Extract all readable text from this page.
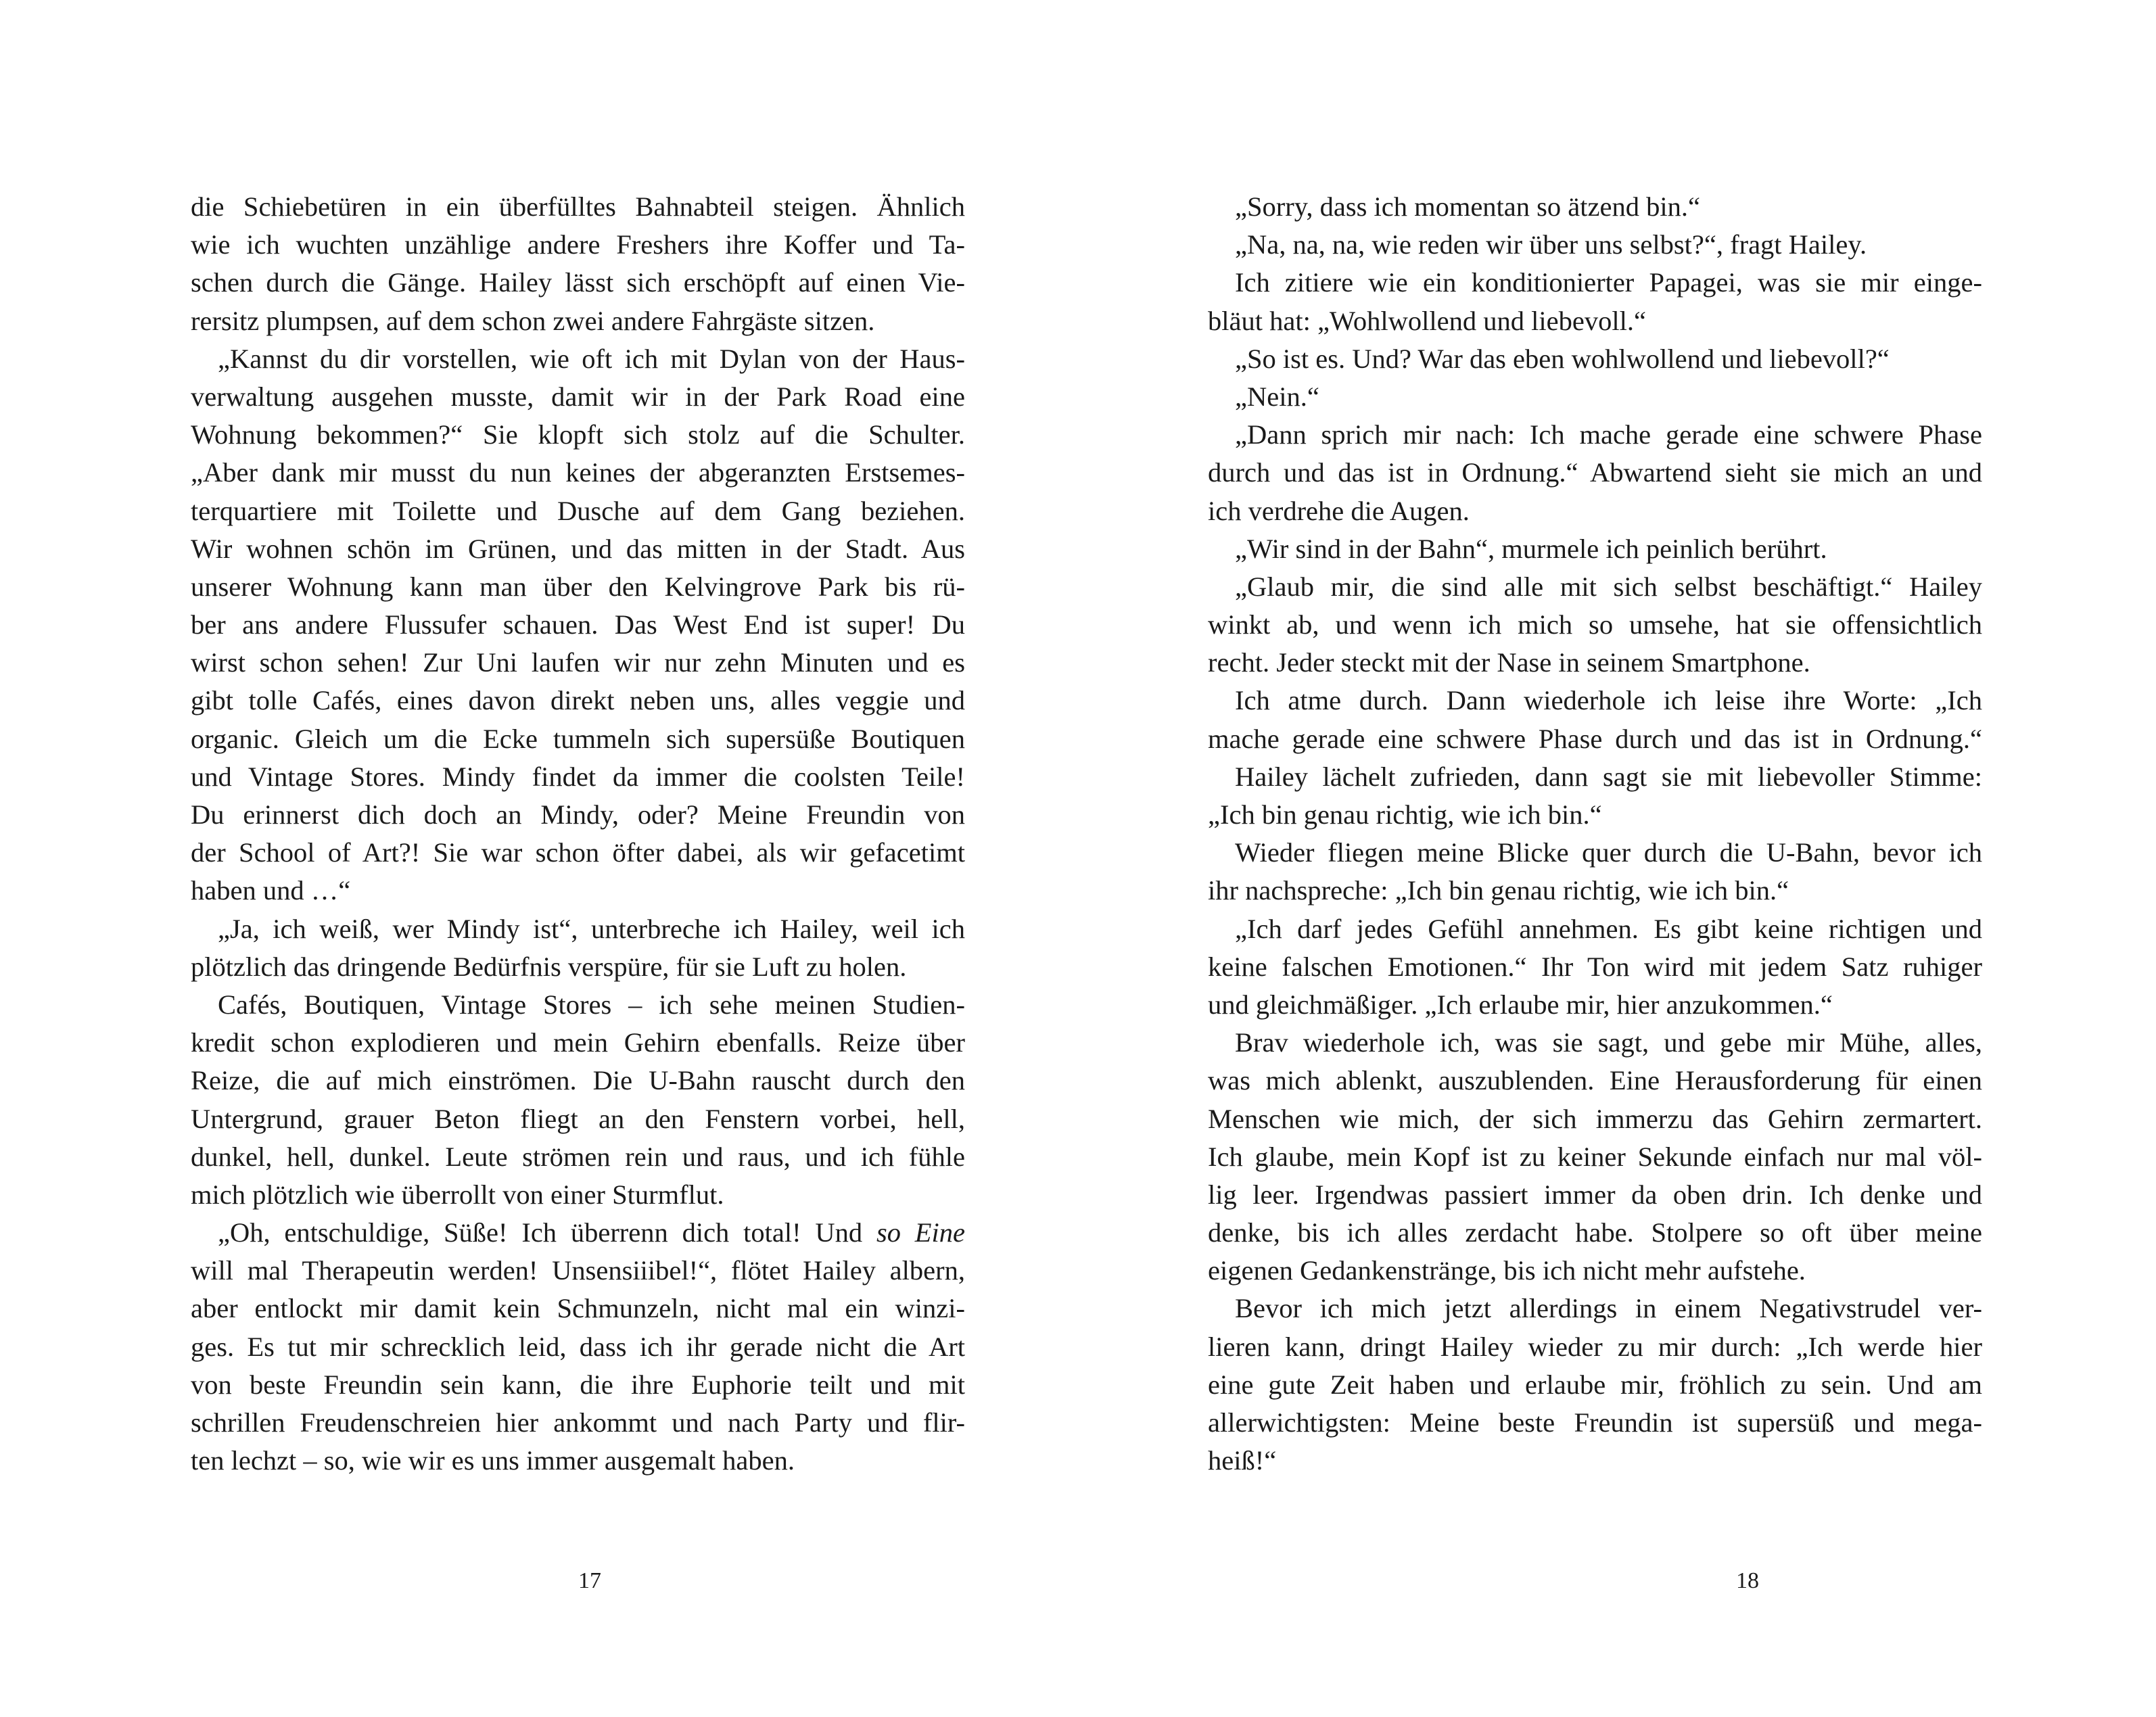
die Schiebetüren in ein überfülltes Bahnabteil steigen. Ähnlich
wie ich wuchten unzählige andere Freshers ihre Koffer und Ta-
schen durch die Gänge. Hailey lässt sich erschöpft auf einen Vie-
rersitz plumpsen, auf dem schon zwei andere Fahrgäste sitzen.
„Kannst du dir vorstellen, wie oft ich mit Dylan von der Haus-
verwaltung ausgehen musste, damit wir in der Park Road eine
Wohnung bekommen?“ Sie klopft sich stolz auf die Schulter.
„Aber dank mir musst du nun keines der abgeranzten Erstsemes-
terquartiere mit Toilette und Dusche auf dem Gang beziehen.
Wir wohnen schön im Grünen, und das mitten in der Stadt. Aus
unserer Wohnung kann man über den Kelvingrove Park bis rü-
ber ans andere Flussufer schauen. Das West End ist super! Du
wirst schon sehen! Zur Uni laufen wir nur zehn Minuten und es
gibt tolle Cafés, eines davon direkt neben uns, alles veggie und
organic. Gleich um die Ecke tummeln sich supersüße Boutiquen
und Vintage Stores. Mindy findet da immer die coolsten Teile!
Du erinnerst dich doch an Mindy, oder? Meine Freundin von
der School of Art?! Sie war schon öfter dabei, als wir gefacetimt
haben und …“
„Ja, ich weiß, wer Mindy ist“, unterbreche ich Hailey, weil ich
plötzlich das dringende Bedürfnis verspüre, für sie Luft zu holen.
Cafés, Boutiquen, Vintage Stores – ich sehe meinen Studien-
kredit schon explodieren und mein Gehirn ebenfalls. Reize über
Reize, die auf mich einströmen. Die U-Bahn rauscht durch den
Untergrund, grauer Beton fliegt an den Fenstern vorbei, hell,
dunkel, hell, dunkel. Leute strömen rein und raus, und ich fühle
mich plötzlich wie überrollt von einer Sturmflut.
„Oh, entschuldige, Süße! Ich überrenn dich total! Und so Eine
will mal Therapeutin werden! Unsensiiibel!“, flötet Hailey albern,
aber entlockt mir damit kein Schmunzeln, nicht mal ein winzi-
ges. Es tut mir schrecklich leid, dass ich ihr gerade nicht die Art
von beste Freundin sein kann, die ihre Euphorie teilt und mit
schrillen Freudenschreien hier ankommt und nach Party und flir-
ten lechzt – so, wie wir es uns immer ausgemalt haben.
17
„Sorry, dass ich momentan so ätzend bin.“
„Na, na, na, wie reden wir über uns selbst?“, fragt Hailey.
Ich zitiere wie ein konditionierter Papagei, was sie mir einge-
bläut hat: „Wohlwollend und liebevoll.“
„So ist es. Und? War das eben wohlwollend und liebevoll?“
„Nein.“
„Dann sprich mir nach: Ich mache gerade eine schwere Phase
durch und das ist in Ordnung.“ Abwartend sieht sie mich an und
ich verdrehe die Augen.
„Wir sind in der Bahn“, murmele ich peinlich berührt.
„Glaub mir, die sind alle mit sich selbst beschäftigt.“ Hailey
winkt ab, und wenn ich mich so umsehe, hat sie offensichtlich
recht. Jeder steckt mit der Nase in seinem Smartphone.
Ich atme durch. Dann wiederhole ich leise ihre Worte: „Ich
mache gerade eine schwere Phase durch und das ist in Ordnung.“
Hailey lächelt zufrieden, dann sagt sie mit liebevoller Stimme:
„Ich bin genau richtig, wie ich bin.“
Wieder fliegen meine Blicke quer durch die U-Bahn, bevor ich
ihr nachspreche: „Ich bin genau richtig, wie ich bin.“
„Ich darf jedes Gefühl annehmen. Es gibt keine richtigen und
keine falschen Emotionen.“ Ihr Ton wird mit jedem Satz ruhiger
und gleichmäßiger. „Ich erlaube mir, hier anzukommen.“
Brav wiederhole ich, was sie sagt, und gebe mir Mühe, alles,
was mich ablenkt, auszublenden. Eine Herausforderung für einen
Menschen wie mich, der sich immerzu das Gehirn zermartert.
Ich glaube, mein Kopf ist zu keiner Sekunde einfach nur mal völ-
lig leer. Irgendwas passiert immer da oben drin. Ich denke und
denke, bis ich alles zerdacht habe. Stolpere so oft über meine
eigenen Gedankenstränge, bis ich nicht mehr aufstehe.
Bevor ich mich jetzt allerdings in einem Negativstrudel ver-
lieren kann, dringt Hailey wieder zu mir durch: „Ich werde hier
eine gute Zeit haben und erlaube mir, fröhlich zu sein. Und am
allerwichtigsten: Meine beste Freundin ist supersüß und mega-
heiß!“
18
